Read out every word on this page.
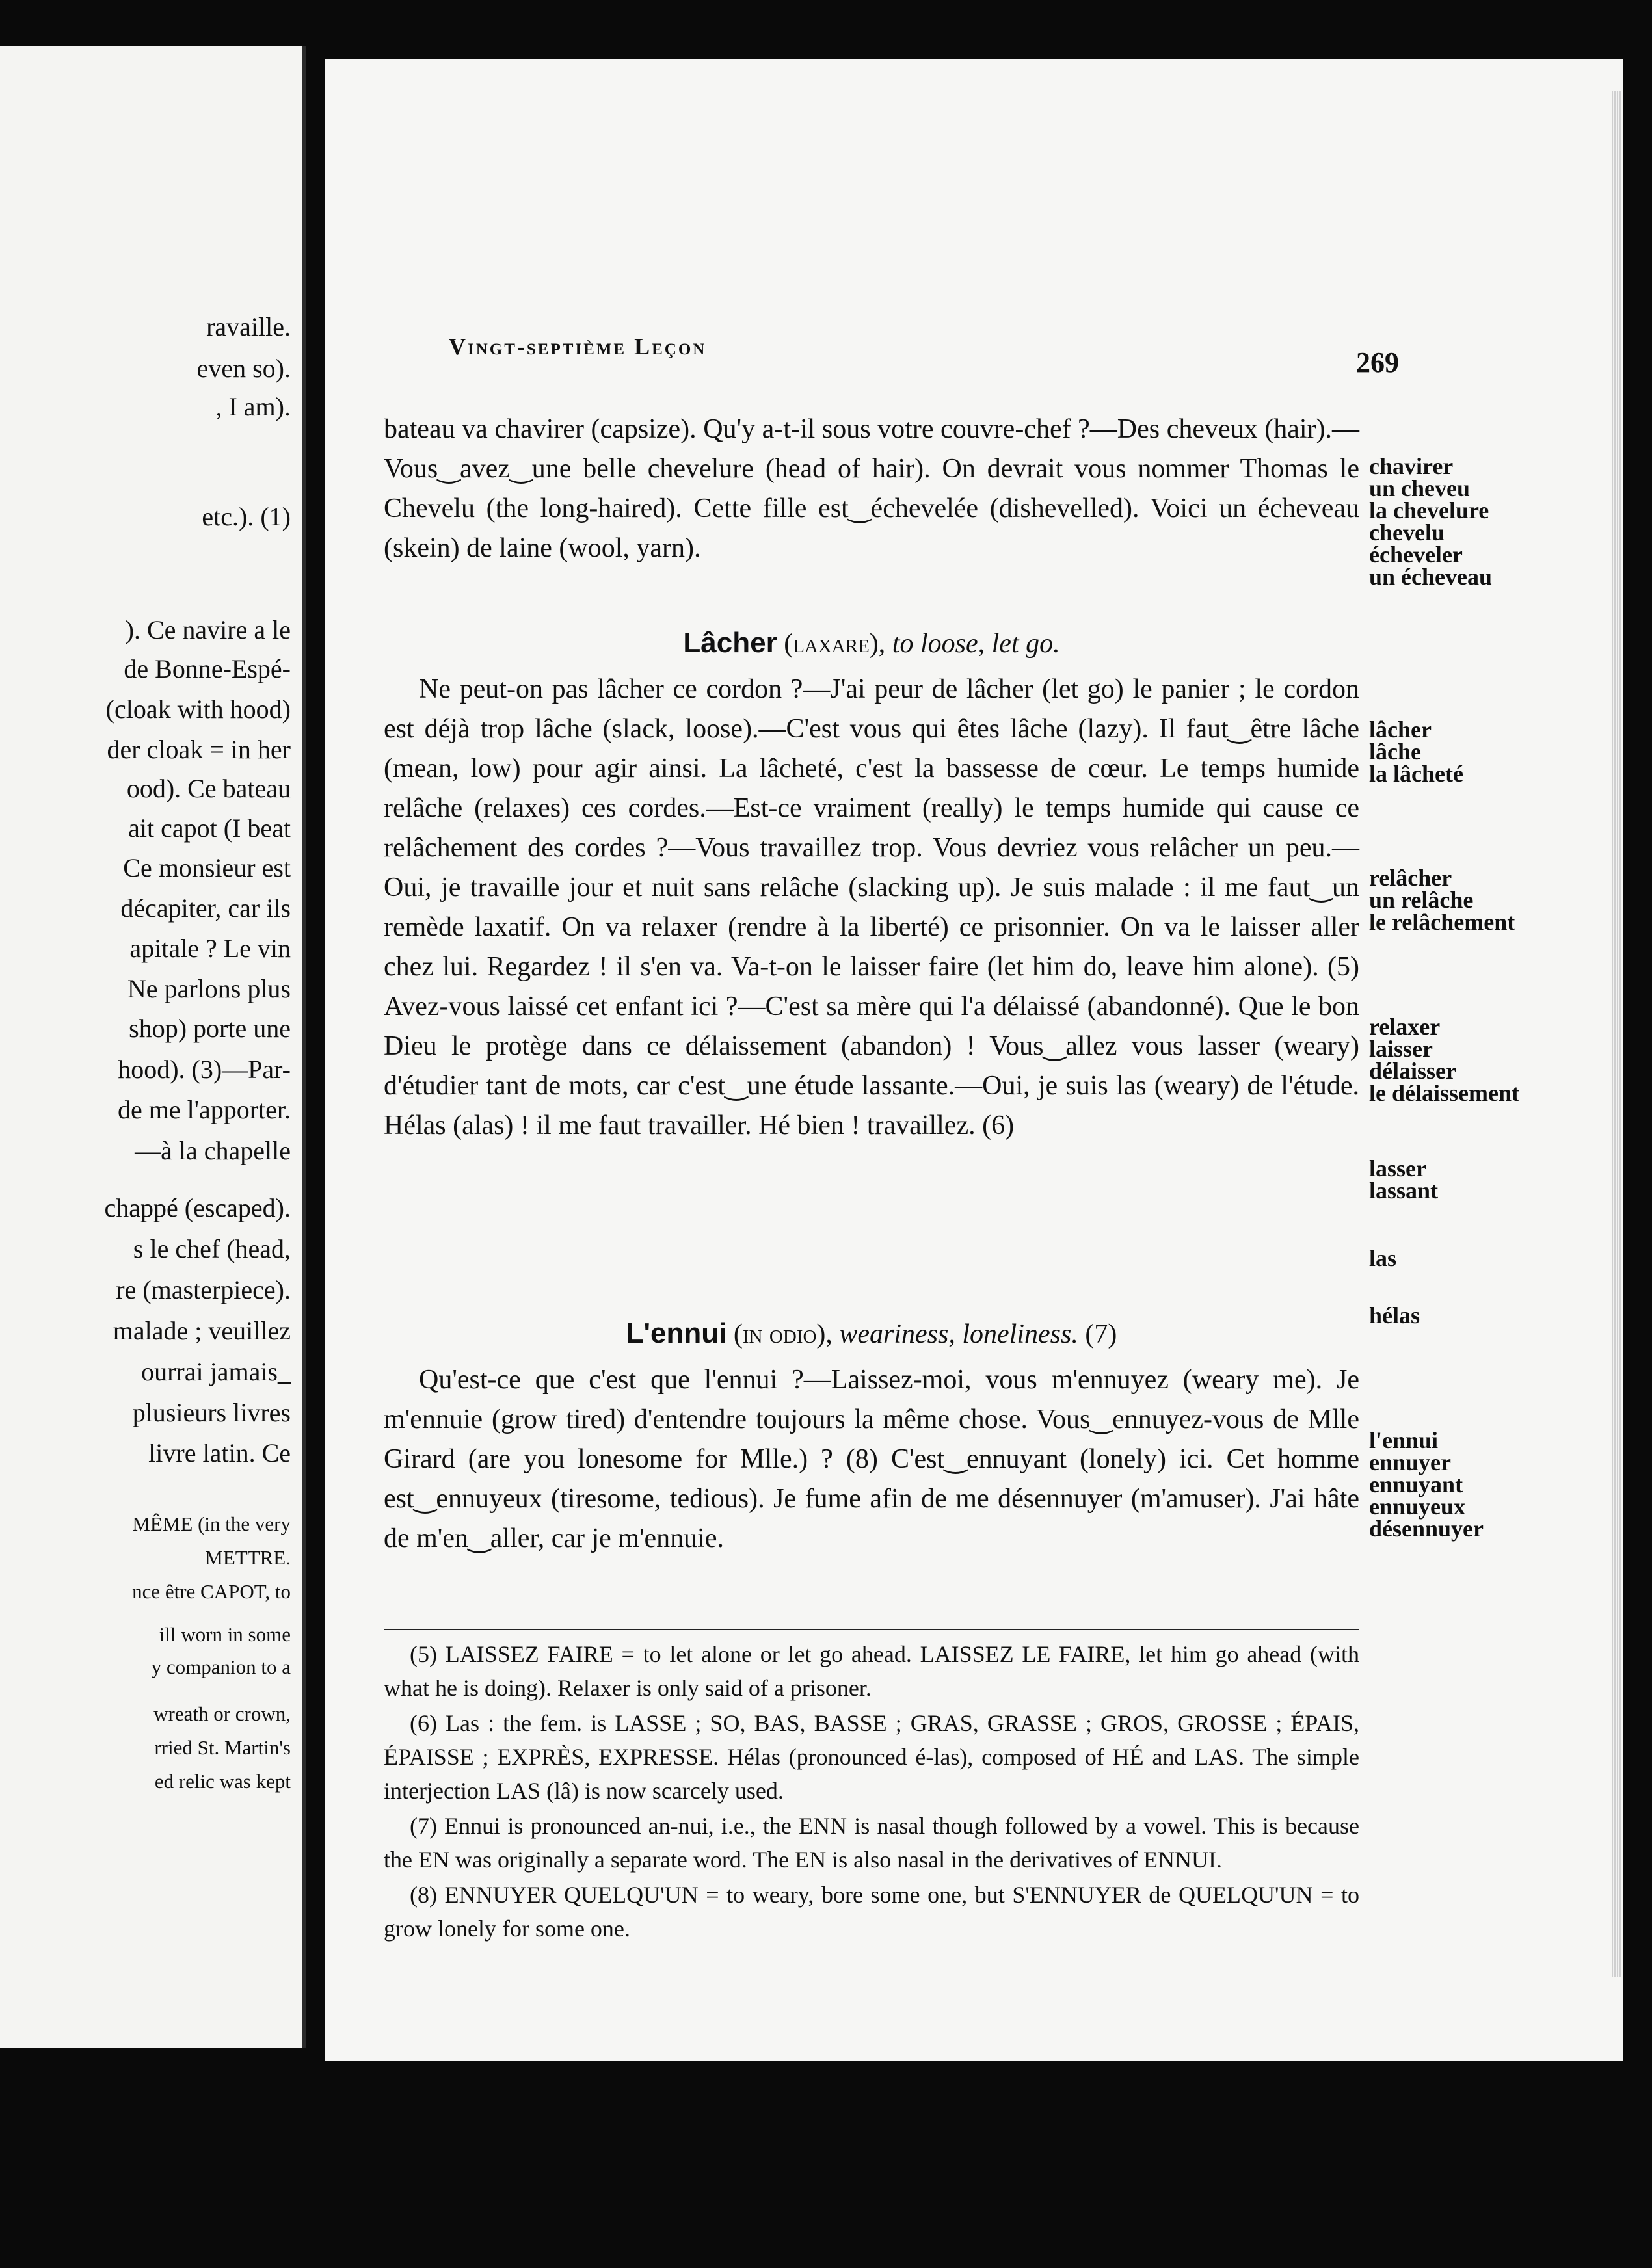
ravaille.
even so).
, I am).
etc.). (1)
). Ce navire a le
de Bonne-Espé-
(cloak with hood)
der cloak = in her
ood). Ce bateau
ait capot (I beat
Ce monsieur est
décapiter, car ils
apitale ? Le vin
Ne parlons plus
shop) porte une
hood). (3)—Par-
de me l'apporter.
—à la chapelle
chappé (escaped).
s le chef (head,
re (masterpiece).
malade ; veuillez
ourrai jamais_
plusieurs livres
livre latin. Ce
MÊME (in the very
METTRE.
nce être CAPOT, to
ill worn in some
y companion to a
wreath or crown,
rried St. Martin's
ed relic was kept
Vingt-septième Leçon	269

bateau va chavirer (capsize). Qu'y a-t-il sous votre couvre-chef ?—Des cheveux (hair).—Vous‿avez‿une belle chevelure (head of hair). On devrait vous nommer Thomas le Chevelu (the long-haired). Cette fille est‿échevelée (dishevelled). Voici un écheveau (skein) de laine (wool, yarn).

Lâcher (laxare), to loose, let go.

Ne peut-on pas lâcher ce cordon ?—J'ai peur de lâcher (let go) le panier ; le cordon est déjà trop lâche (slack, loose).—C'est vous qui êtes lâche (lazy). Il faut‿être lâche (mean, low) pour agir ainsi. La lâcheté, c'est la bassesse de cœur. Le temps humide relâche (relaxes) ces cordes.—Est-ce vraiment (really) le temps humide qui cause ce relâchement des cordes ?—Vous travaillez trop. Vous devriez vous relâcher un peu.—Oui, je travaille jour et nuit sans relâche (slacking up). Je suis malade : il me faut‿un remède laxatif. On va relaxer (rendre à la liberté) ce prisonnier. On va le laisser aller chez lui. Regardez ! il s'en va. Va-t-on le laisser faire (let him do, leave him alone). (5) Avez-vous laissé cet enfant ici ?—C'est sa mère qui l'a délaissé (abandonné). Que le bon Dieu le protège dans ce délaissement (abandon) ! Vous‿allez vous lasser (weary) d'étudier tant de mots, car c'est‿une étude lassante.—Oui, je suis las (weary) de l'étude. Hélas (alas) ! il me faut travailler. Hé bien ! travaillez. (6)

L'ennui (in odio), weariness, loneliness. (7)

Qu'est-ce que c'est que l'ennui ?—Laissez-moi, vous m'ennuyez (weary me). Je m'ennuie (grow tired) d'entendre toujours la même chose. Vous‿ennuyez-vous de Mlle Girard (are you lonesome for Mlle.) ? (8) C'est‿ennuyant (lonely) ici. Cet homme est‿ennuyeux (tiresome, tedious). Je fume afin de me désennuyer (m'amuser). J'ai hâte de m'en‿aller, car je m'ennuie.

chavirer
un cheveu
la chevelure
chevelu
écheveler
un écheveau
lâcher
lâche
la lâcheté
relâcher
un relâche
le relâchement
relaxer
laisser
délaisser
le délaissement
lasser
lassant
las
hélas
l'ennui
ennuyer
ennuyant
ennuyeux
désennuyer

(5) LAISSEZ FAIRE = to let alone or let go ahead. LAISSEZ LE FAIRE, let him go ahead (with what he is doing). Relaxer is only said of a prisoner.

(6) Las : the fem. is LASSE ; SO, BAS, BASSE ; GRAS, GRASSE ; GROS, GROSSE ; ÉPAIS, ÉPAISSE ; EXPRÈS, EXPRESSE. Hélas (pronounced é-las), composed of HÉ and LAS. The simple interjection LAS (lâ) is now scarcely used.

(7) Ennui is pronounced an-nui, i.e., the ENN is nasal though followed by a vowel. This is because the EN was originally a separate word. The EN is also nasal in the derivatives of ENNUI.

(8) ENNUYER QUELQU'UN = to weary, bore some one, but S'ENNUYER de QUELQU'UN = to grow lonely for some one.
